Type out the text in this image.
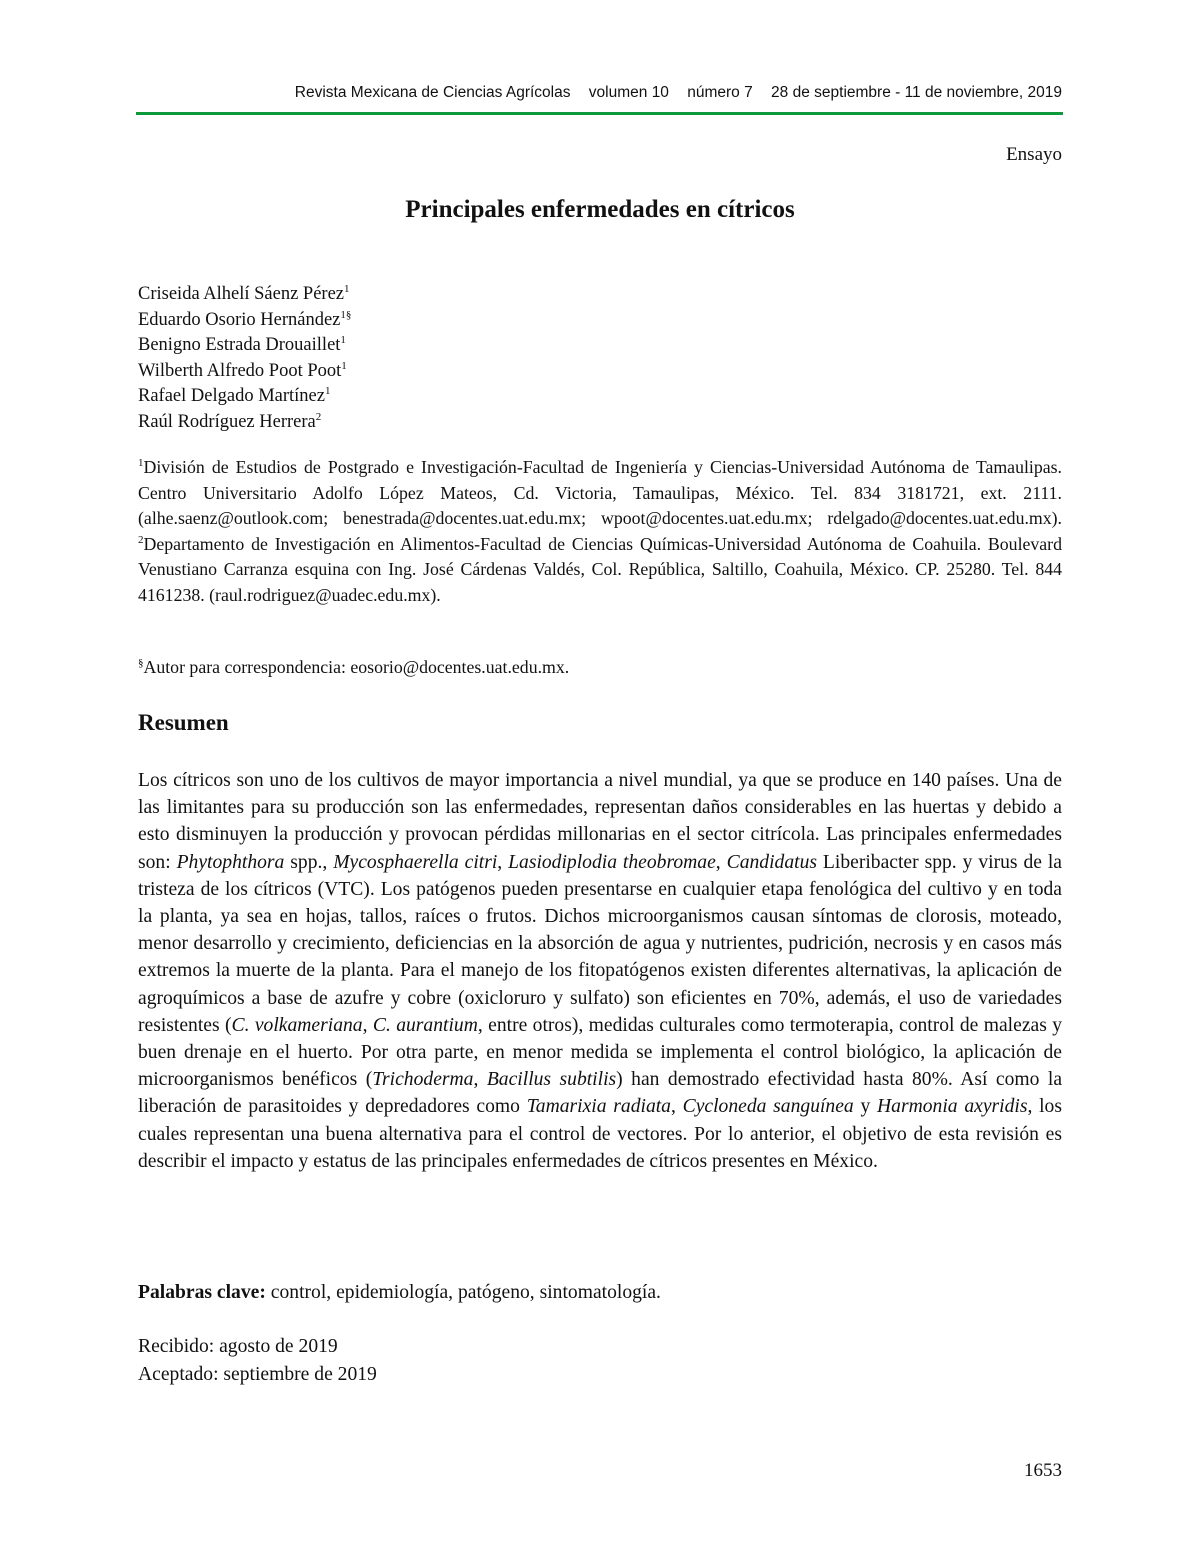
Revista Mexicana de Ciencias Agrícolas volumen 10 número 7 28 de septiembre - 11 de noviembre, 2019
Ensayo
Principales enfermedades en cítricos
Criseida Alhelí Sáenz Pérez$^1$
Eduardo Osorio Hernández$^{1\S}$
Benigno Estrada Drouaillet$^1$
Wilberth Alfredo Poot Poot$^1$
Rafael Delgado Martínez$^1$
Raúl Rodríguez Herrera$^2$
$^1$División de Estudios de Postgrado e Investigación-Facultad de Ingeniería y Ciencias-Universidad Autónoma de Tamaulipas. Centro Universitario Adolfo López Mateos, Cd. Victoria, Tamaulipas, México. Tel. 834 3181721, ext. 2111. (alhe.saenz@outlook.com; benestrada@docentes.uat.edu.mx; wpoot@docentes.uat.edu.mx; rdelgado@docentes.uat.edu.mx). $^2$Departamento de Investigación en Alimentos-Facultad de Ciencias Químicas-Universidad Autónoma de Coahuila. Boulevard Venustiano Carranza esquina con Ing. José Cárdenas Valdés, Col. República, Saltillo, Coahuila, México. CP. 25280. Tel. 844 4161238. (raul.rodriguez@uadec.edu.mx).
§Autor para correspondencia: eosorio@docentes.uat.edu.mx.
Resumen

Los cítricos son uno de los cultivos de mayor importancia a nivel mundial, ya que se produce en 140 países. Una de las limitantes para su producción son las enfermedades, representan daños considerables en las huertas y debido a esto disminuyen la producción y provocan pérdidas millonarias en el sector citrícola. Las principales enfermedades son: Phytophthora spp., Mycosphaerella citri, Lasiodiplodia theobromae, Candidatus Liberibacter spp. y virus de la tristeza de los cítricos (VTC). Los patógenos pueden presentarse en cualquier etapa fenológica del cultivo y en toda la planta, ya sea en hojas, tallos, raíces o frutos. Dichos microorganismos causan síntomas de clorosis, moteado, menor desarrollo y crecimiento, deficiencias en la absorción de agua y nutrientes, pudrición, necrosis y en casos más extremos la muerte de la planta. Para el manejo de los fitopatógenos existen diferentes alternativas, la aplicación de agroquímicos a base de azufre y cobre (oxicloruro y sulfato) son eficientes en 70%, además, el uso de variedades resistentes (C. volkameriana, C. aurantium, entre otros), medidas culturales como termoterapia, control de malezas y buen drenaje en el huerto. Por otra parte, en menor medida se implementa el control biológico, la aplicación de microorganismos benéficos (Trichoderma, Bacillus subtilis) han demostrado efectividad hasta 80%. Así como la liberación de parasitoides y depredadores como Tamarixia radiata, Cycloneda sanguínea y Harmonia axyridis, los cuales representan una buena alternativa para el control de vectores. Por lo anterior, el objetivo de esta revisión es describir el impacto y estatus de las principales enfermedades de cítricos presentes en México.

Palabras clave: control, epidemiología, patógeno, sintomatología.
Recibido: agosto de 2019
Aceptado: septiembre de 2019
1653
